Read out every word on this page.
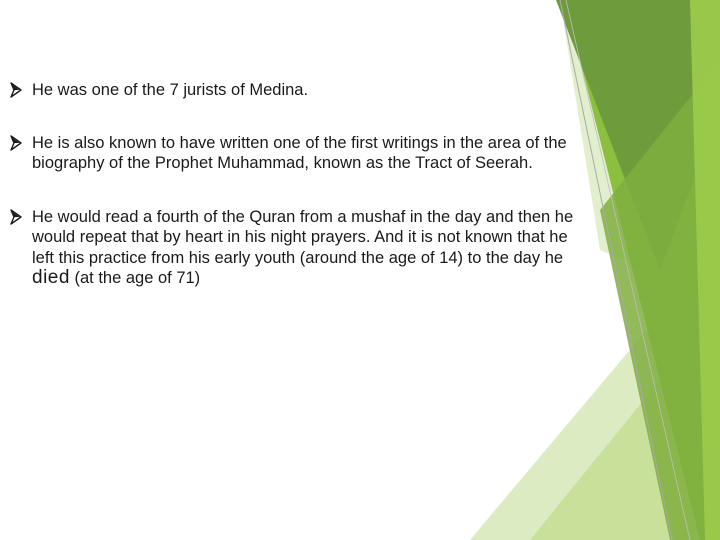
He was one of the 7 jurists of Medina.
He is also known to have written one of the first writings in the area of the biography of the Prophet Muhammad, known as the Tract of Seerah.
He would read a fourth of the Quran from a mushaf in the day and then he would repeat that by heart in his night prayers. And it is not known that he left this practice from his early youth (around the age of 14) to the day he died (at the age of 71)
